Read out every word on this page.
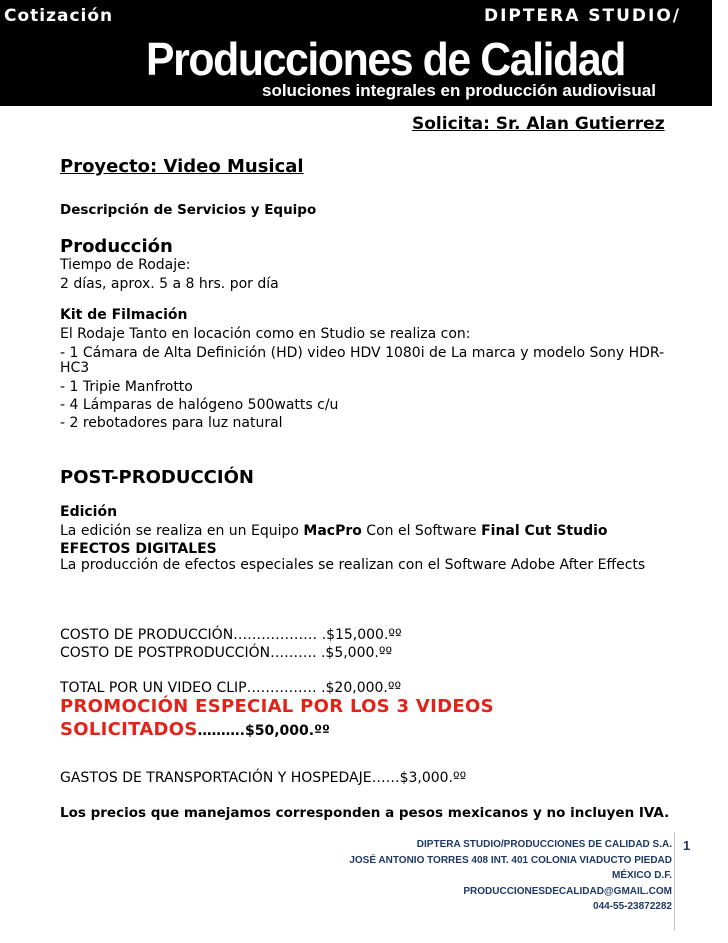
Cotización	DIPTERA STUDIO/
Producciones de Calidad
soluciones integrales en producción audiovisual
Solicita: Sr. Alan Gutierrez
Proyecto: Video Musical
Descripción de Servicios y Equipo
Producción
Tiempo de Rodaje:
2 días, aprox. 5 a 8 hrs. por día
Kit de Filmación
El Rodaje Tanto en locación como en Studio se realiza con:
- 1 Cámara de Alta Definición (HD) video HDV 1080i de La marca y modelo Sony HDR-
HC3
- 1 Tripie Manfrotto
- 4 Lámparas de halógeno 500watts c/u
- 2 rebotadores para luz natural
POST-PRODUCCIÓN
Edición
La edición se realiza en un Equipo MacPro Con el Software Final Cut Studio
EFECTOS DIGITALES
La producción de efectos especiales se realizan con el Software Adobe After Effects
COSTO DE PRODUCCIÓN……………… .$15,000.ºº
COSTO DE POSTPRODUCCIÓN………. .$5,000.ºº
TOTAL POR UN VIDEO CLIP…………… .$20,000.ºº
PROMOCIÓN ESPECIAL POR LOS 3 VIDEOS
SOLICITADOS……….$50,000.ºº
GASTOS DE TRANSPORTACIÓN Y HOSPEDAJE……$3,000.ºº
Los precios que manejamos corresponden a pesos mexicanos y no incluyen IVA.
DIPTERA STUDIO/PRODUCCIONES DE CALIDAD S.A.
JOSÉ ANTONIO TORRES 408 INT. 401 COLONIA VIADUCTO PIEDAD
MÉXICO D.F.
PRODUCCIONESDECALIDAD@GMAIL.COM
044-55-23872282
1
